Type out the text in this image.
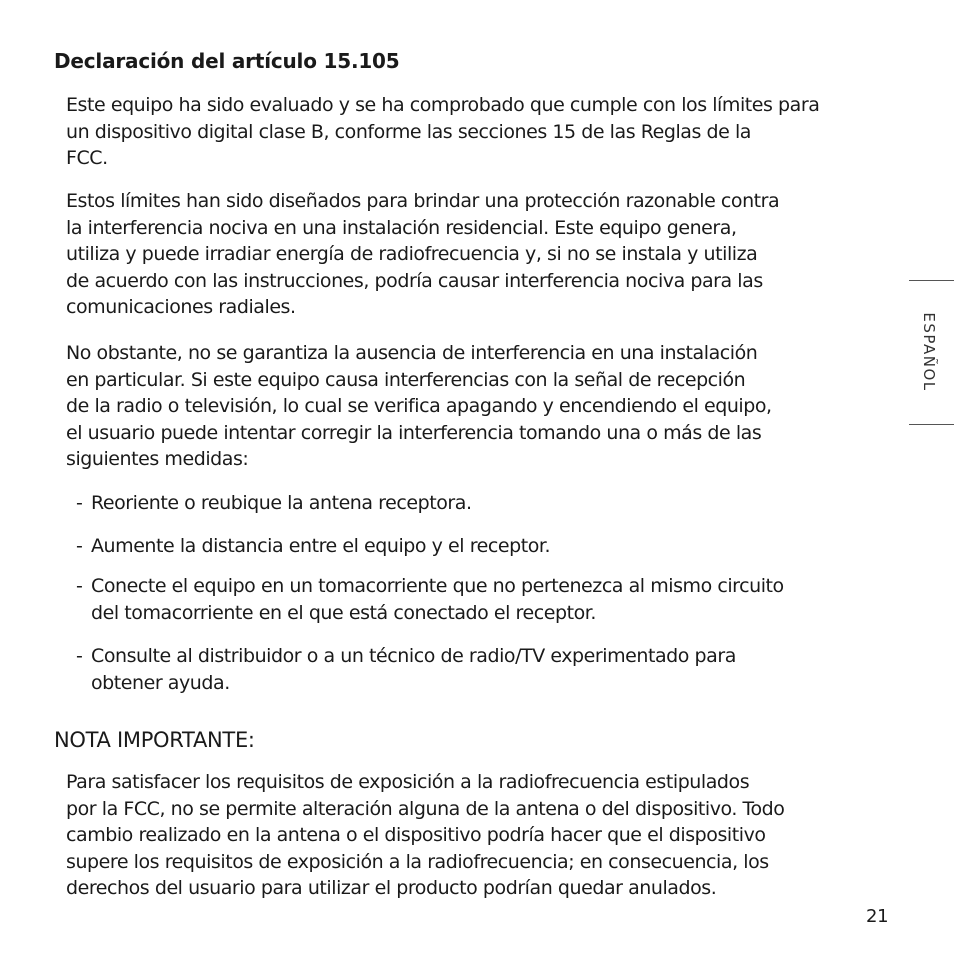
Declaración del artículo 15.105

Este equipo ha sido evaluado y se ha comprobado que cumple con los límites para
un dispositivo digital clase B, conforme las secciones 15 de las Reglas de la
FCC.

Estos límites han sido diseñados para brindar una protección razonable contra
la interferencia nociva en una instalación residencial. Este equipo genera,
utiliza y puede irradiar energía de radiofrecuencia y, si no se instala y utiliza
de acuerdo con las instrucciones, podría causar interferencia nociva para las
comunicaciones radiales.

No obstante, no se garantiza la ausencia de interferencia en una instalación
en particular. Si este equipo causa interferencias con la señal de recepción
de la radio o televisión, lo cual se verifica apagando y encendiendo el equipo,
el usuario puede intentar corregir la interferencia tomando una o más de las
siguientes medidas:

- Reoriente o reubique la antena receptora.
- Aumente la distancia entre el equipo y el receptor.
- Conecte el equipo en un tomacorriente que no pertenezca al mismo circuito
del tomacorriente en el que está conectado el receptor.
- Consulte al distribuidor o a un técnico de radio/TV experimentado para
obtener ayuda.
NOTA IMPORTANTE:

Para satisfacer los requisitos de exposición a la radiofrecuencia estipulados
por la FCC, no se permite alteración alguna de la antena o del dispositivo. Todo
cambio realizado en la antena o el dispositivo podría hacer que el dispositivo
supere los requisitos de exposición a la radiofrecuencia; en consecuencia, los
derechos del usuario para utilizar el producto podrían quedar anulados.

ESPAÑOL
21
